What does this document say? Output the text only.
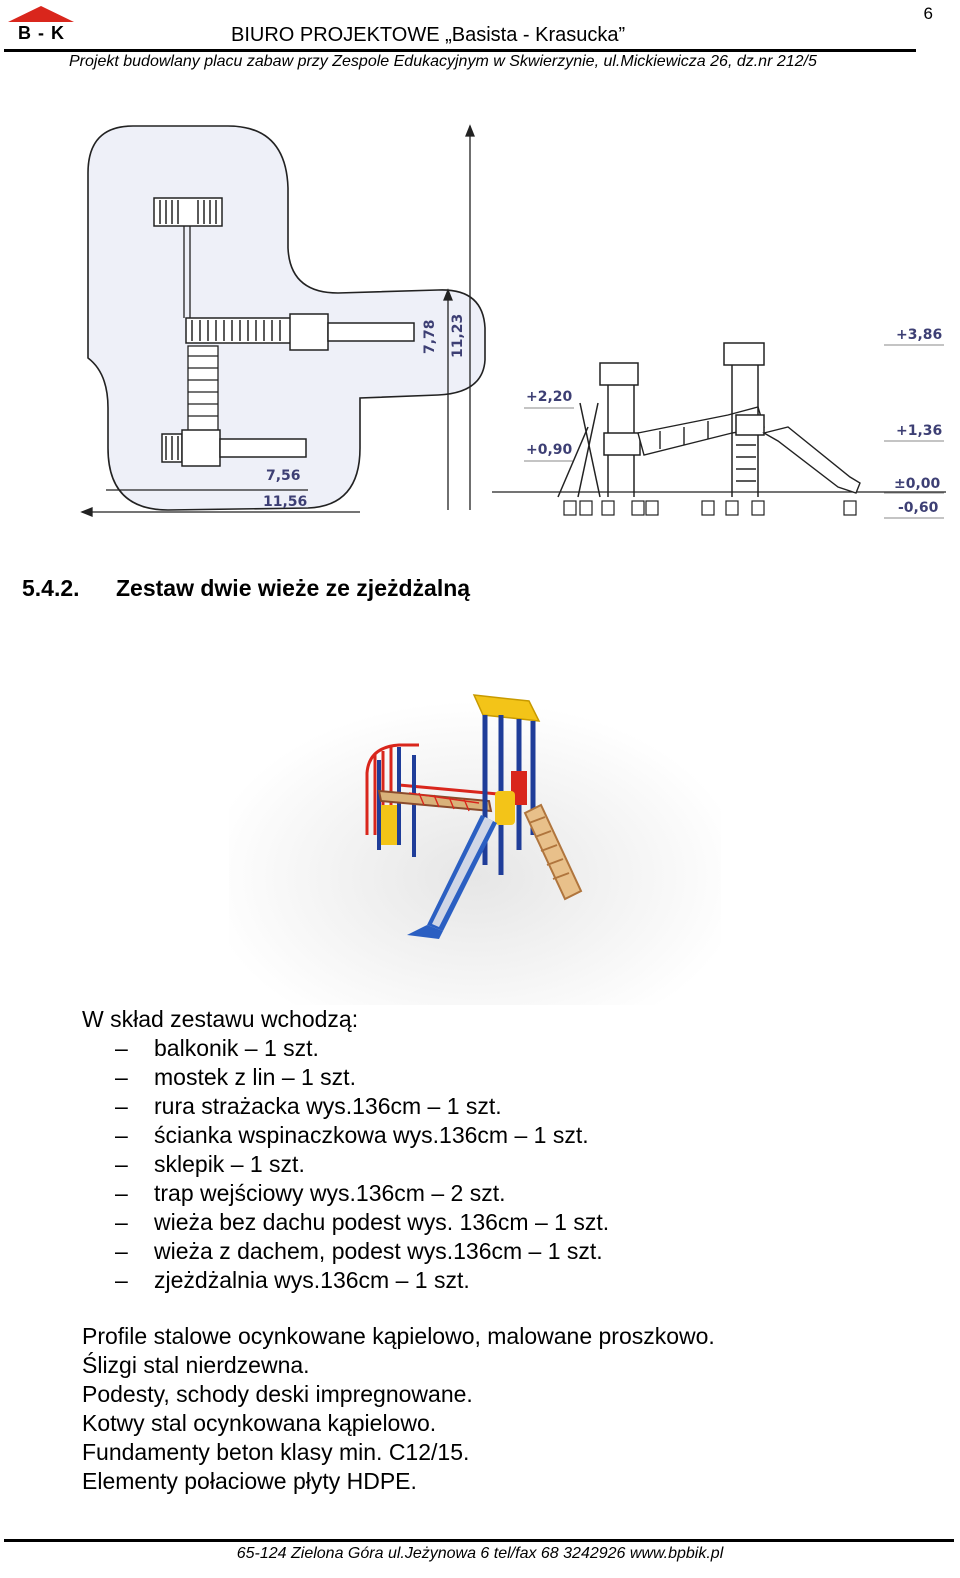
6
B - K	BIURO PROJEKTOWE „Basista - Krasucka”
Projekt budowlany placu zabaw przy Zespole Edukacyjnym w Skwierzynie, ul.Mickiewicza 26, dz.nr 212/5
7,78 11,23
7,56
11,56
+2,20
+0,90
+3,86
+1,36
±0,00
-0,60
5.4.2. Zestaw dwie wieże ze zjeżdżalną
W skład zestawu wchodzą:
– balkonik – 1 szt.
– mostek z lin – 1 szt.
– rura strażacka wys.136cm – 1 szt.
– ścianka wspinaczkowa wys.136cm – 1 szt.
– sklepik – 1 szt.
– trap wejściowy wys.136cm – 2 szt.
– wieża bez dachu podest wys. 136cm – 1 szt.
– wieża z dachem, podest wys.136cm – 1 szt.
– zjeżdżalnia wys.136cm – 1 szt.
Profile stalowe ocynkowane kąpielowo, malowane proszkowo.
Ślizgi stal nierdzewna.
Podesty, schody deski impregnowane.
Kotwy stal ocynkowana kąpielowo.
Fundamenty beton klasy min. C12/15.
Elementy połaciowe płyty HDPE.
65-124 Zielona Góra ul.Jeżynowa 6 tel/fax 68 3242926 www.bpbik.pl
